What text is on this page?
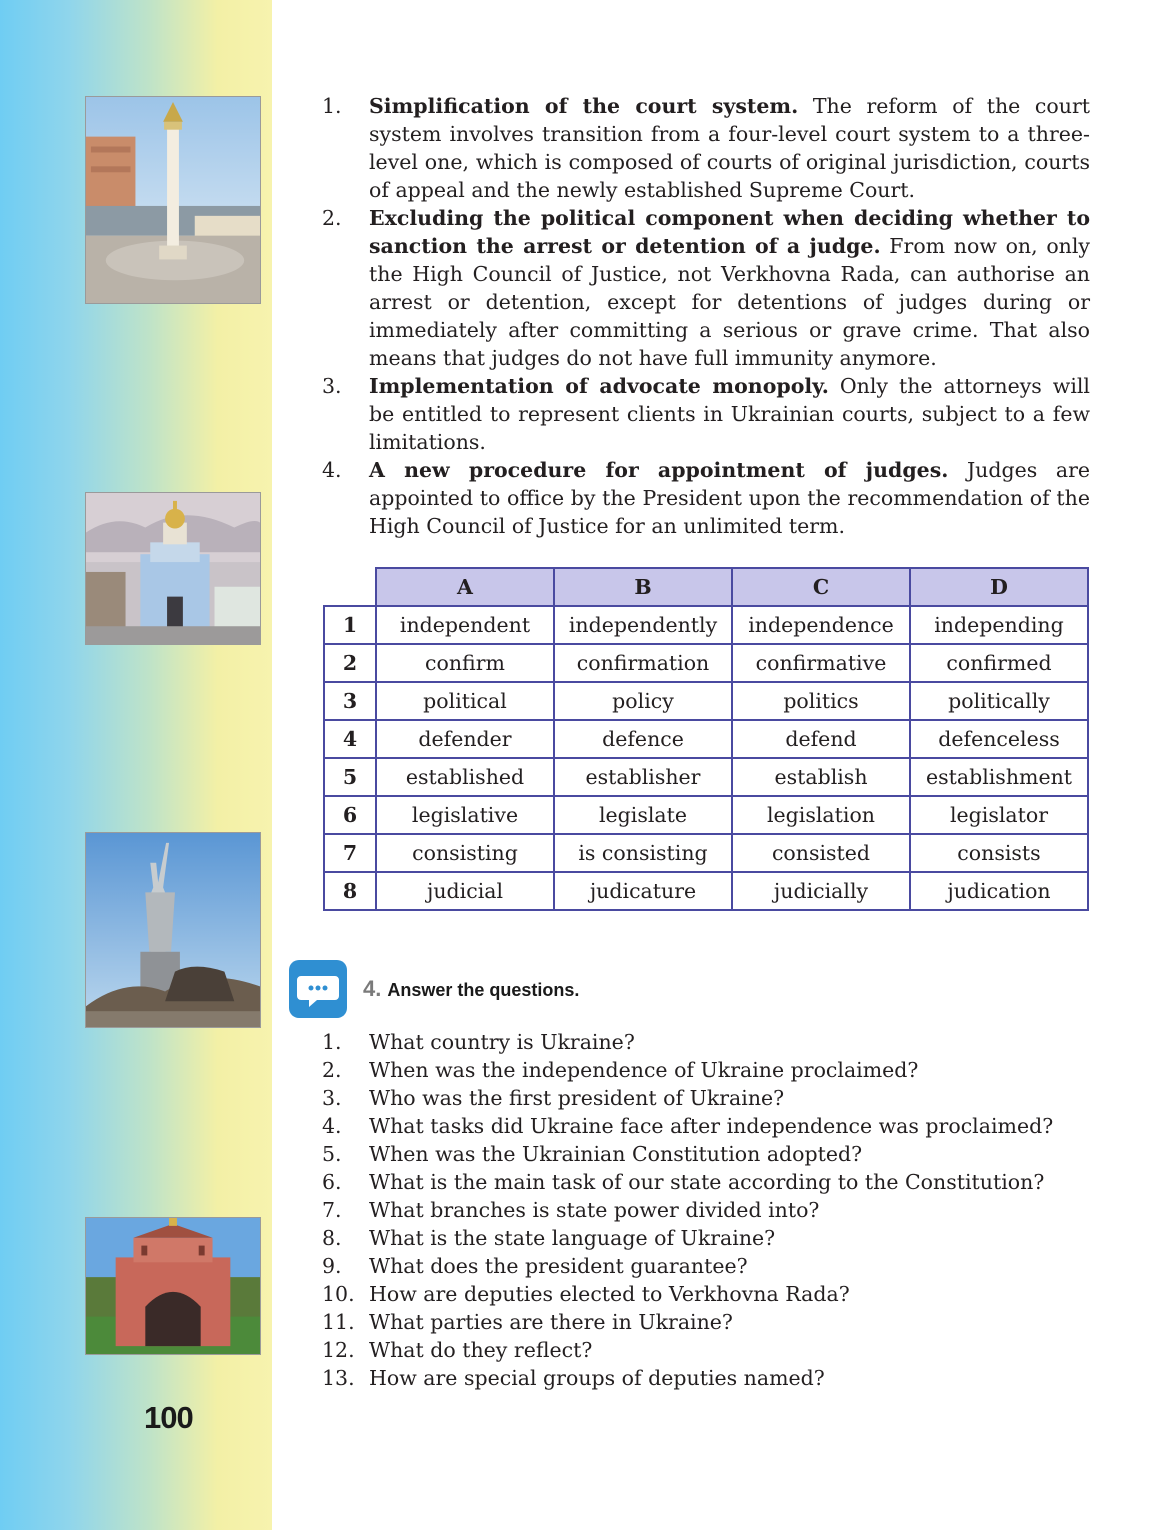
100
1. Simplification of the court system. The reform of the court system involves transition from a four-level court system to a three-level one, which is composed of courts of original jurisdiction, courts of appeal and the newly established Supreme Court.
2. Excluding the political component when deciding whether to sanction the arrest or detention of a judge. From now on, only the High Council of Justice, not Verkhovna Rada, can authorise an arrest or detention, except for detentions of judges during or immediately after committing a serious or grave crime. That also means that judges do not have full immunity anymore.
3. Implementation of advocate monopoly. Only the attorneys will be entitled to represent clients in Ukrainian courts, subject to a few limitations.
4. A new procedure for appointment of judges. Judges are appointed to office by the President upon the recommendation of the High Council of Justice for an unlimited term.
	A	B	C	D
1	independent	independently	independence	independing
2	confirm	confirmation	confirmative	confirmed
3	political	policy	politics	politically
4	defender	defence	defend	defenceless
5	established	establisher	establish	establishment
6	legislative	legislate	legislation	legislator
7	consisting	is consisting	consisted	consists
8	judicial	judicature	judicially	judication
4. Answer the questions.
1. What country is Ukraine?
2. When was the independence of Ukraine proclaimed?
3. Who was the first president of Ukraine?
4. What tasks did Ukraine face after independence was proclaimed?
5. When was the Ukrainian Constitution adopted?
6. What is the main task of our state according to the Constitution?
7. What branches is state power divided into?
8. What is the state language of Ukraine?
9. What does the president guarantee?
10. How are deputies elected to Verkhovna Rada?
11. What parties are there in Ukraine?
12. What do they reflect?
13. How are special groups of deputies named?
